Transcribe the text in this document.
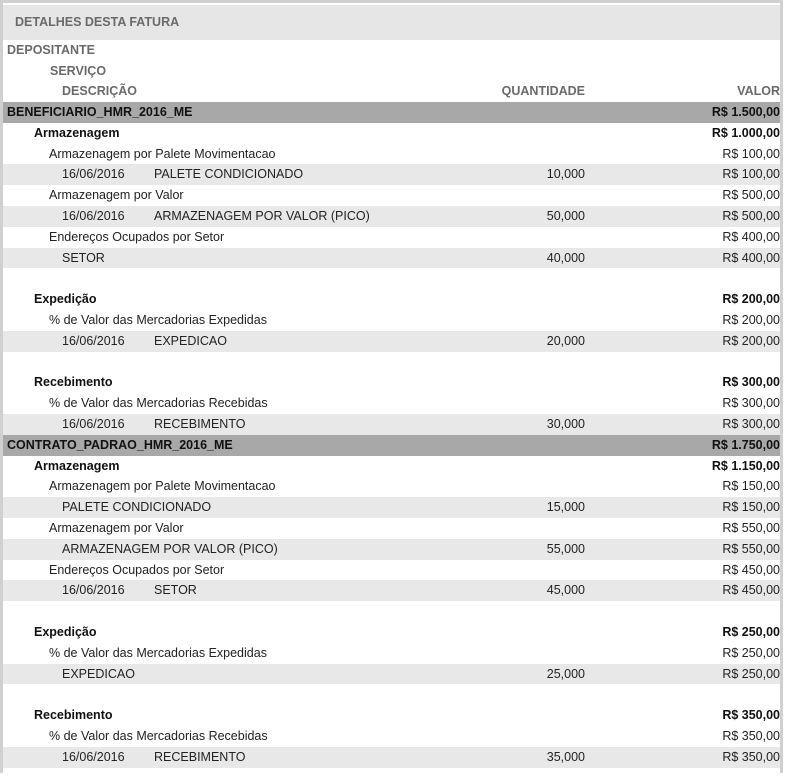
DETALHES DESTA FATURA
DEPOSITANTE
SERVIÇO
DESCRIÇÃO	QUANTIDADE	VALOR
BENEFICIARIO_HMR_2016_ME	R$ 1.500,00
Armazenagem	R$ 1.000,00
Armazenagem por Palete Movimentacao	R$ 100,00
16/06/2016 PALETE CONDICIONADO	10,000	R$ 100,00
Armazenagem por Valor	R$ 500,00
16/06/2016 ARMAZENAGEM POR VALOR (PICO)	50,000	R$ 500,00
Endereços Ocupados por Setor	R$ 400,00
SETOR	40,000	R$ 400,00
Expedição	R$ 200,00
% de Valor das Mercadorias Expedidas	R$ 200,00
16/06/2016 EXPEDICAO	20,000	R$ 200,00
Recebimento	R$ 300,00
% de Valor das Mercadorias Recebidas	R$ 300,00
16/06/2016 RECEBIMENTO	30,000	R$ 300,00
CONTRATO_PADRAO_HMR_2016_ME	R$ 1.750,00
Armazenagem	R$ 1.150,00
Armazenagem por Palete Movimentacao	R$ 150,00
PALETE CONDICIONADO	15,000	R$ 150,00
Armazenagem por Valor	R$ 550,00
ARMAZENAGEM POR VALOR (PICO)	55,000	R$ 550,00
Endereços Ocupados por Setor	R$ 450,00
16/06/2016 SETOR	45,000	R$ 450,00
Expedição	R$ 250,00
% de Valor das Mercadorias Expedidas	R$ 250,00
EXPEDICAO	25,000	R$ 250,00
Recebimento	R$ 350,00
% de Valor das Mercadorias Recebidas	R$ 350,00
16/06/2016 RECEBIMENTO	35,000	R$ 350,00
